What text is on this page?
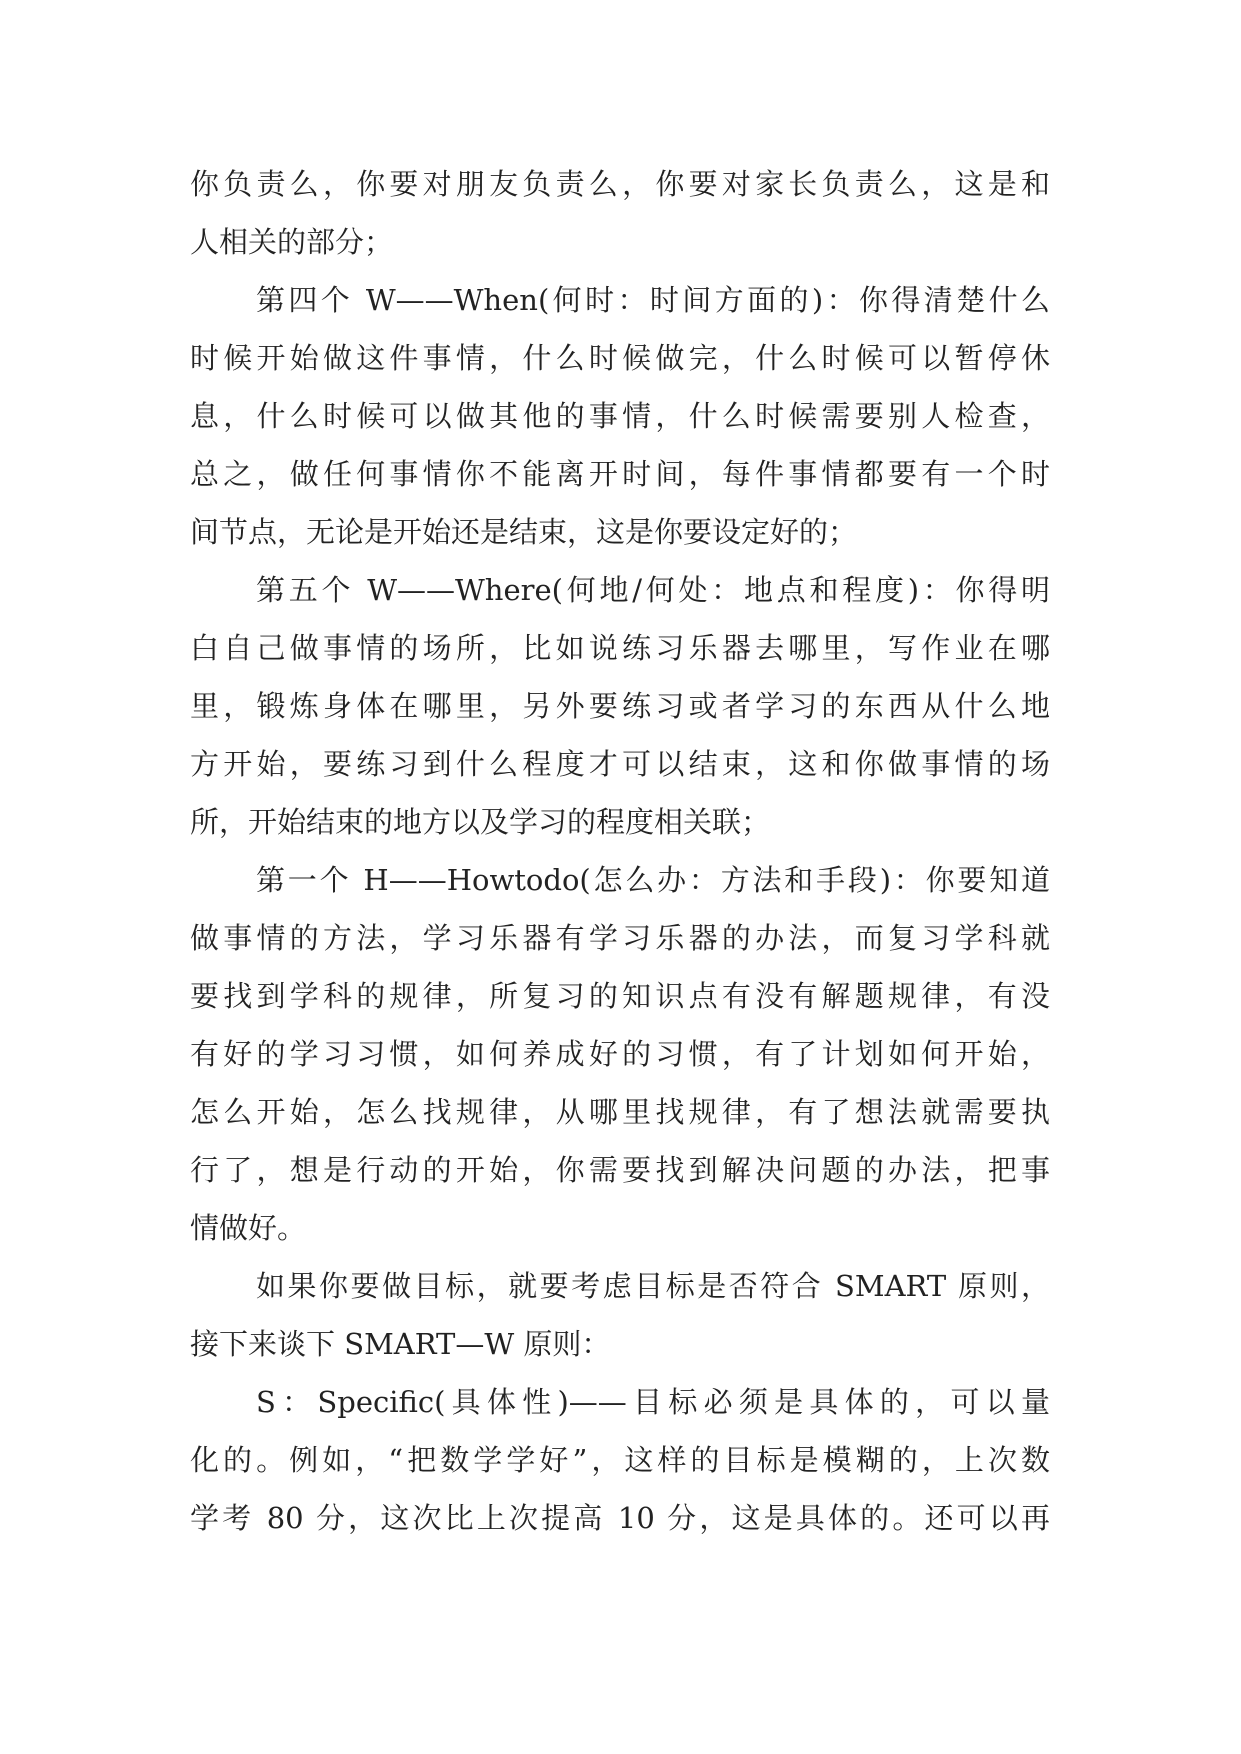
你负责么，你要对朋友负责么，你要对家长负责么，这是和
人相关的部分；
第四个 W——When(何时：时间方面的)：你得清楚什么
时候开始做这件事情，什么时候做完，什么时候可以暂停休
息，什么时候可以做其他的事情，什么时候需要别人检查，
总之，做任何事情你不能离开时间，每件事情都要有一个时
间节点，无论是开始还是结束，这是你要设定好的；
第五个 W——Where(何地/何处：地点和程度)：你得明
白自己做事情的场所，比如说练习乐器去哪里，写作业在哪
里，锻炼身体在哪里，另外要练习或者学习的东西从什么地
方开始，要练习到什么程度才可以结束，这和你做事情的场
所，开始结束的地方以及学习的程度相关联；
第一个 H——Howtodo(怎么办：方法和手段)：你要知道
做事情的方法，学习乐器有学习乐器的办法，而复习学科就
要找到学科的规律，所复习的知识点有没有解题规律，有没
有好的学习习惯，如何养成好的习惯，有了计划如何开始，
怎么开始，怎么找规律，从哪里找规律，有了想法就需要执
行了，想是行动的开始，你需要找到解决问题的办法，把事
情做好。
如果你要做目标，就要考虑目标是否符合 SMART 原则，
接下来谈下 SMART—W 原则：
S：Specific(具体性)——目标必须是具体的，可以量
化的。例如，“把数学学好”，这样的目标是模糊的，上次数
学考 80 分，这次比上次提高 10 分，这是具体的。还可以再
